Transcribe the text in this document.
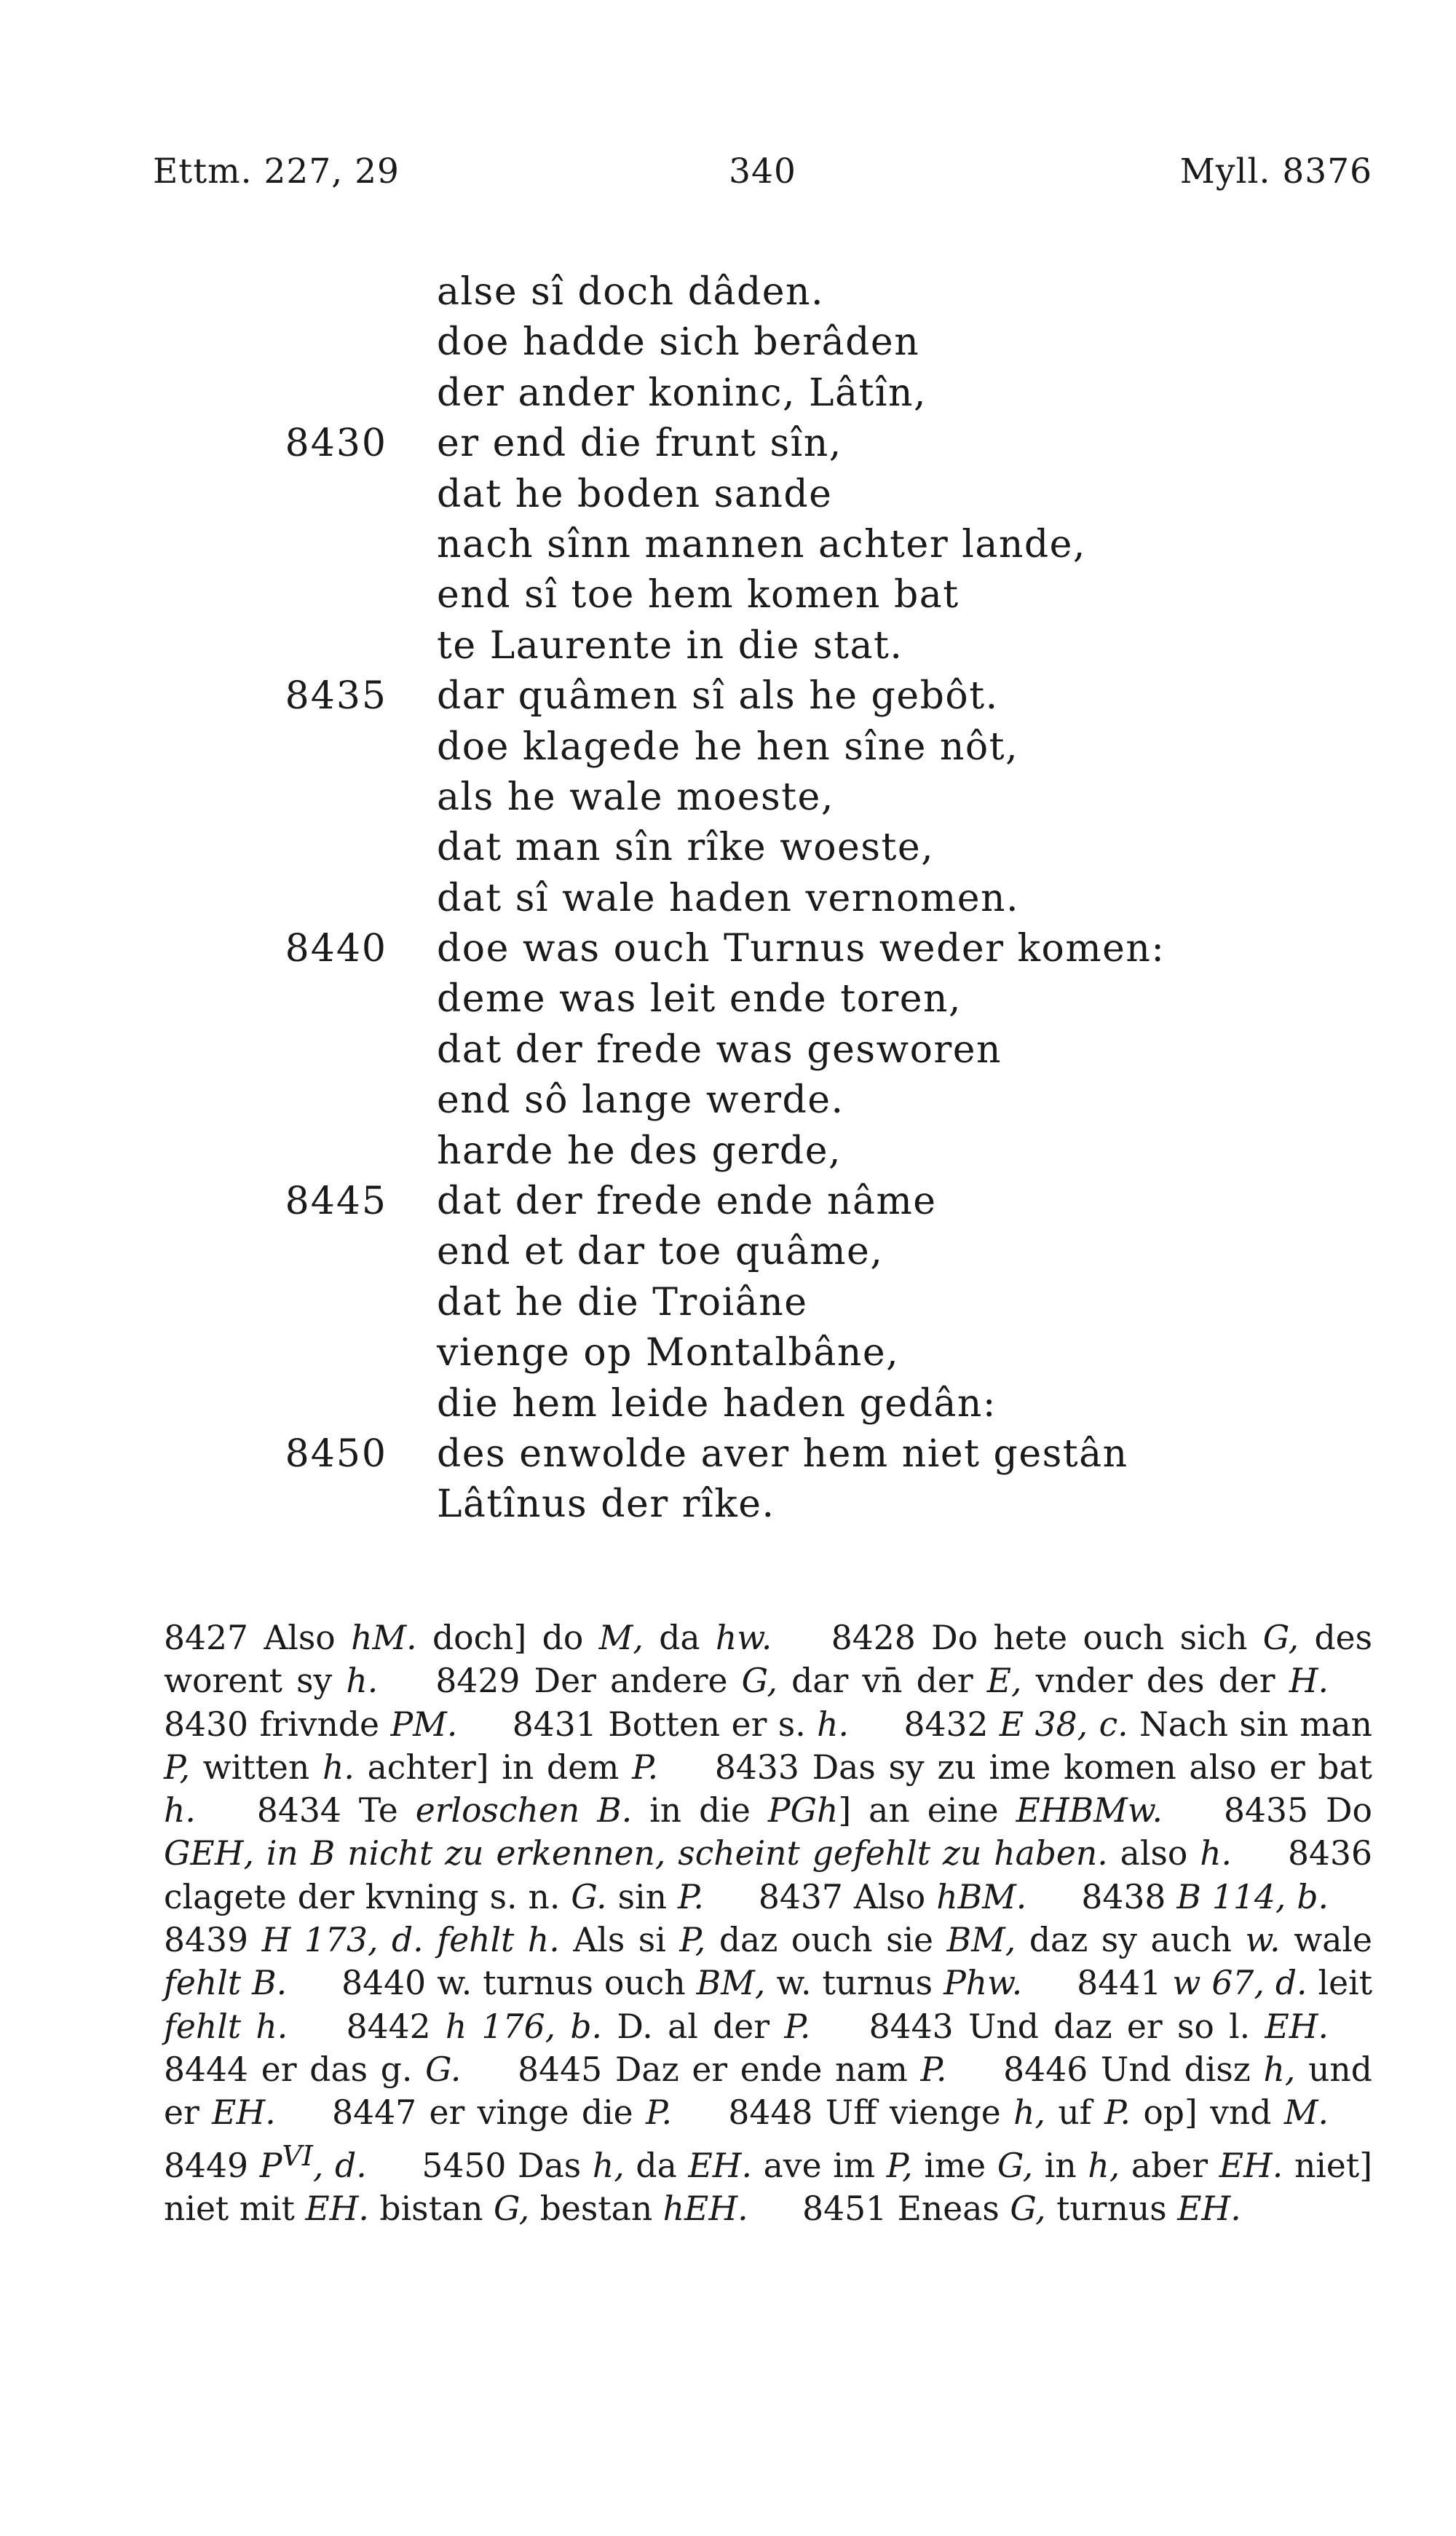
Ettm. 227, 29	340	Myll. 8376
alse sî doch dâden.
doe hadde sich berâden
der ander koninc, Lâtîn,
8430 er end die frunt sîn,
dat he boden sande
nach sînn mannen achter lande,
end sî toe hem komen bat
te Laurente in die stat.
8435 dar quâmen sî als he gebôt.
doe klagede he hen sîne nôt,
als he wale moeste,
dat man sîn rîke woeste,
dat sî wale haden vernomen.
8440 doe was ouch Turnus weder komen:
deme was leit ende toren,
dat der frede was gesworen
end sô lange werde.
harde he des gerde,
8445 dat der frede ende nâme
end et dar toe quâme,
dat he die Troiâne
vienge op Montalbâne,
die hem leide haden gedân:
8450 des enwolde aver hem niet gestân
Lâtînus der rîke.
8427 Also hM. doch] do M, da hw. 8428 Do hete ouch sich G, des worent sy h. 8429 Der andere G, dar vn̄ der E, vnder des der H. 8430 frivnde PM. 8431 Botten er s. h. 8432 E 38, c. Nach sin man P, witten h. achter] in dem P. 8433 Das sy zu ime komen also er bat h. 8434 Te erloschen B. in die PGh] an eine EHBMw. 8435 Do GEH, in B nicht zu erkennen, scheint gefehlt zu haben. also h. 8436 clagete der kvning s. n. G. sin P. 8437 Also hBM. 8438 B 114, b. 8439 H 173, d. fehlt h. Als si P, daz ouch sie BM, daz sy auch w. wale fehlt B. 8440 w. turnus ouch BM, w. turnus Phw. 8441 w 67, d. leit fehlt h. 8442 h 176, b. D. al der P. 8443 Und daz er so l. EH. 8444 er das g. G. 8445 Daz er ende nam P. 8446 Und disz h, und er EH. 8447 er vinge die P. 8448 Uff vienge h, uf P. op] vnd M. 8449 $P^{VI}$, d. 5450 Das h, da EH. ave im P, ime G, in h, aber EH. niet] niet mit EH. bistan G, bestan hEH. 8451 Eneas G, turnus EH.
